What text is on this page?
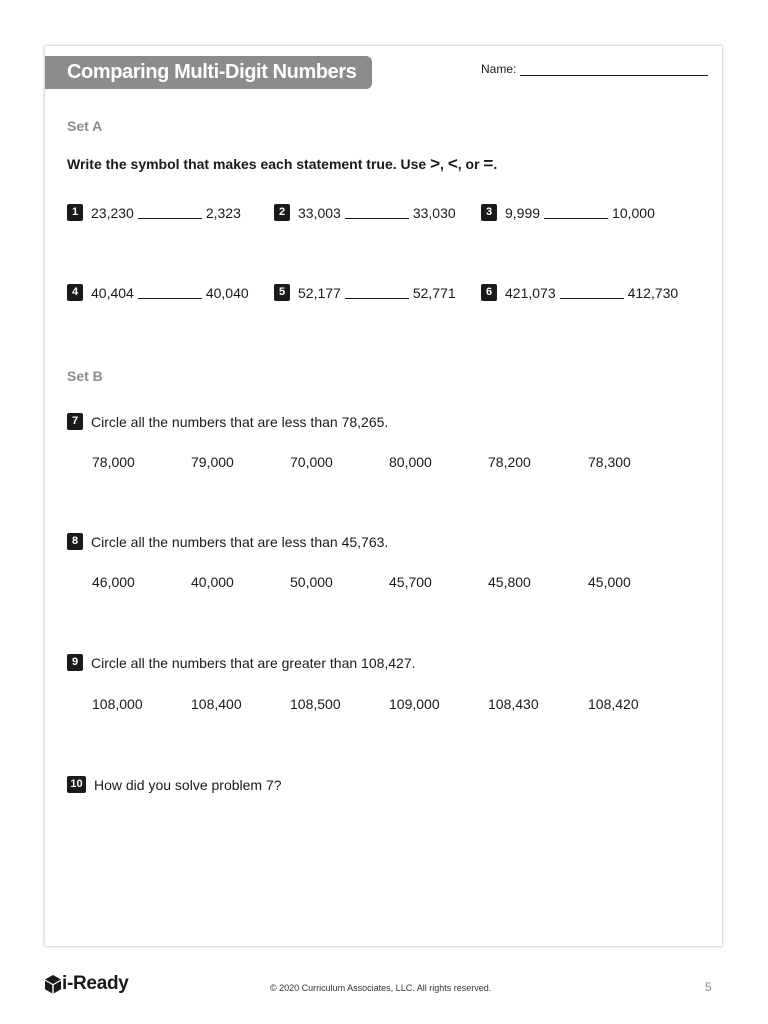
Comparing Multi-Digit Numbers	Name:
Set A
Write the symbol that makes each statement true. Use >, <, or =.
1 23,230	2,323	2 33,003	33,030	3 9,999	10,000
4 40,404	40,040	5 52,177	52,771	6 421,073	412,730
Set B
7 Circle all the numbers that are less than 78,265.
78,000	79,000	70,000	80,000	78,200	78,300
8 Circle all the numbers that are less than 45,763.
46,000	40,000	50,000	45,700	45,800	45,000
9 Circle all the numbers that are greater than 108,427.
108,000	108,400	108,500	109,000	108,430	108,420
10 How did you solve problem 7?
i-Ready	© 2020 Curriculum Associates, LLC. All rights reserved.	5
